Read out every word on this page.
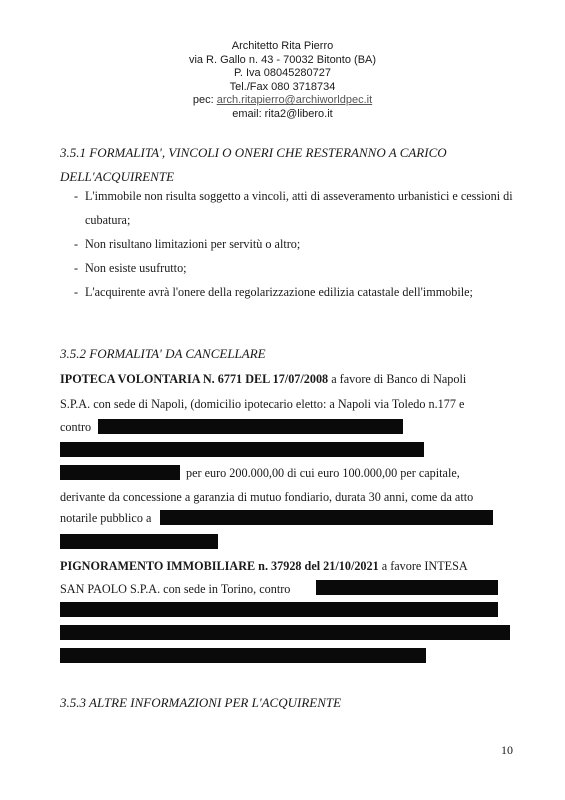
Architetto Rita Pierro
via R. Gallo n. 43 - 70032 Bitonto (BA)
P. Iva 08045280727
Tel./Fax 080 3718734
pec: arch.ritapierro@archiworldpec.it
email: rita2@libero.it

3.5.1 FORMALITA', VINCOLI O ONERI CHE RESTERANNO A CARICO

DELL'ACQUIRENTE

- L'immobile non risulta soggetto a vincoli, atti di asseveramento urbanistici e cessioni di cubatura;
- Non risultano limitazioni per servitù o altro;
- Non esiste usufrutto;
- L'acquirente avrà l'onere della regolarizzazione edilizia catastale dell'immobile;

3.5.2 FORMALITA' DA CANCELLARE

IPOTECA VOLONTARIA N. 6771 DEL 17/07/2008 a favore di Banco di Napoli
S.P.A. con sede di Napoli, (domicilio ipotecario eletto: a Napoli via Toledo n.177 e
contro
per euro 200.000,00 di cui euro 100.000,00 per capitale,
derivante da concessione a garanzia di mutuo fondiario, durata 30 anni, come da atto
notarile pubblico a
PIGNORAMENTO IMMOBILIARE n. 37928 del 21/10/2021 a favore INTESA
SAN PAOLO S.P.A. con sede in Torino, contro

3.5.3 ALTRE INFORMAZIONI PER L'ACQUIRENTE

10
